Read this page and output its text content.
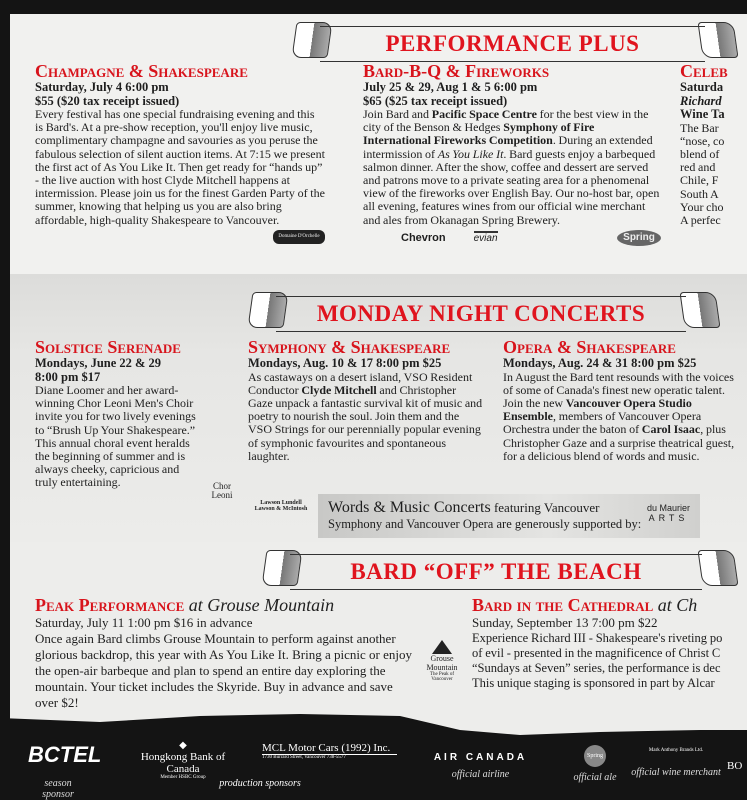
PERFORMANCE PLUS
Champagne & Shakespeare
Saturday, July 4 6:00 pm
$55 ($20 tax receipt issued)
Every festival has one special fundraising evening and this is Bard's. At a pre-show reception, you'll enjoy live music, complimentary champagne and savouries as you peruse the fabulous selection of silent auction items. At 7:15 we present the first act of As You Like It. Then get ready for “hands up” - the live auction with host Clyde Mitchell happens at intermission. Please join us for the finest Garden Party of the summer, knowing that helping us you are also bring affordable, high-quality Shakespeare to Vancouver.
Domaine D'Orchelle
Bard-B-Q & Fireworks
July 25 & 29, Aug 1 & 5 6:00 pm
$65 ($25 tax receipt issued)
Join Bard and Pacific Space Centre for the best view in the city of the Benson & Hedges Symphony of Fire International Fireworks Competition. During an extended intermission of As You Like It. Bard guests enjoy a barbequed salmon dinner. After the show, coffee and dessert are served and patrons move to a private seating area for a phenomenal view of the fireworks over English Bay. Our no-host bar, open all evening, features wines from our official wine merchant and ales from Okanagan Spring Brewery.
Chevron	evian	Spring
Celeb
Saturda
Richard
Wine Ta
The Bar
“nose, co
blend of
red and
Chile, F
South A
Your cho
A perfec
MONDAY NIGHT CONCERTS
Solstice Serenade
Mondays, June 22 & 29
8:00 pm $17
Diane Loomer and her award-winning Chor Leoni Men's Choir invite you for two lively evenings to “Brush Up Your Shakespeare.” This annual choral event heralds the beginning of summer and is always cheeky, capricious and truly entertaining.	Chor Leoni
Symphony & Shakespeare
Mondays, Aug. 10 & 17 8:00 pm $25
As castaways on a desert island, VSO Resident Conductor Clyde Mitchell and Christopher Gaze unpack a fantastic survival kit of music and poetry to nourish the soul. Join them and the VSO Strings for our perennially popular evening of symphonic favourites and spontaneous laughter.
Lawson Lundell Lawson & McIntosh
Opera & Shakespeare
Mondays, Aug. 24 & 31 8:00 pm $25
In August the Bard tent resounds with the voices of some of Canada's finest new operatic talent. Join the new Vancouver Opera Studio Ensemble, members of Vancouver Opera Orchestra under the baton of Carol Isaac, plus Christopher Gaze and a surprise theatrical guest, for a delicious blend of words and music.
Words & Music Concerts featuring Vancouver
Symphony and Vancouver Opera are generously supported by:
du Maurier
ARTS
BARD “OFF” THE BEACH
Peak Performance at Grouse Mountain
Saturday, July 11 1:00 pm $16 in advance
Once again Bard climbs Grouse Mountain to perform against another glorious backdrop, this year with As You Like It. Bring a picnic or enjoy the open-air barbeque and plan to spend an entire day exploring the mountain. Your ticket includes the Skyride. Buy in advance and save over $2!
Grouse Mountain
The Peak of Vancouver
Bard in the Cathedral at Ch
Sunday, September 13 7:00 pm $22
Experience Richard III - Shakespeare's riveting po
of evil - presented in the magnificence of Christ C
“Sundays at Seven” series, the performance is dec
This unique staging is sponsored in part by Alcar
BCTEL
season sponsor
◆
Hongkong Bank of Canada
Member HSBC Group
MCL Motor Cars (1992) Inc.
1730 Burrard Street, Vancouver 738-5577
production sponsors
AIR CANADA
official airline
Spring
official ale
Mark Anthony Brands Ltd.
official wine merchant
BO
